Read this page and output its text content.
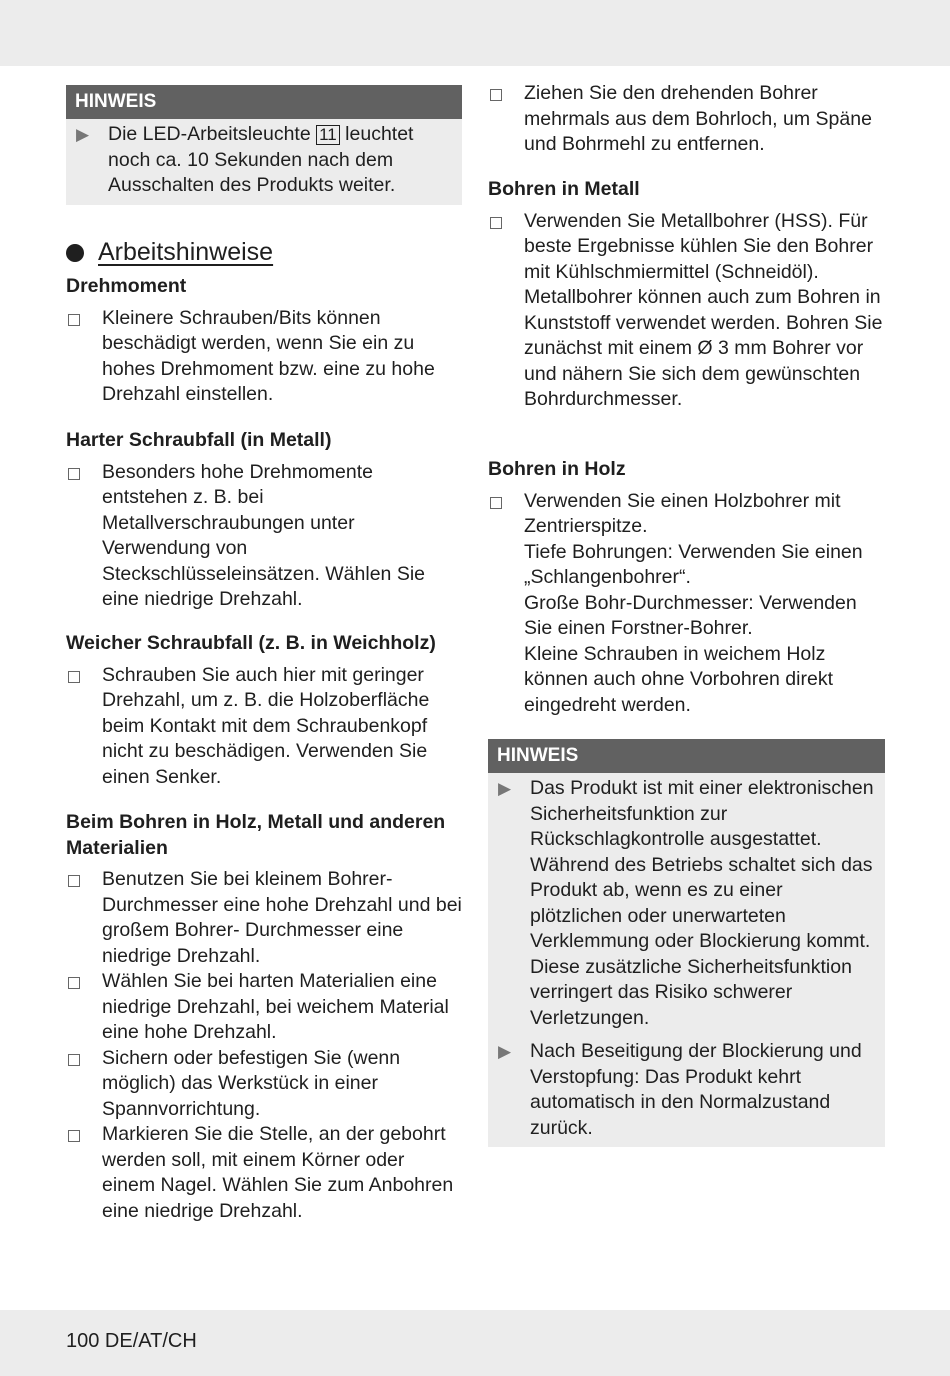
HINWEIS
▶ Die LED-Arbeitsleuchte 11 leuchtet noch ca. 10 Sekunden nach dem Ausschalten des Produkts weiter.
Arbeitshinweise
Drehmoment
Kleinere Schrauben/Bits können beschädigt werden, wenn Sie ein zu hohes Drehmoment bzw. eine zu hohe Drehzahl einstellen.
Harter Schraubfall (in Metall)
Besonders hohe Drehmomente entstehen z. B. bei Metallverschraubungen unter Verwendung von Steckschlüsseleinsätzen. Wählen Sie eine niedrige Drehzahl.
Weicher Schraubfall (z. B. in Weichholz)
Schrauben Sie auch hier mit geringer Drehzahl, um z. B. die Holzoberfläche beim Kontakt mit dem Schraubenkopf nicht zu beschädigen. Verwenden Sie einen Senker.
Beim Bohren in Holz, Metall und anderen Materialien
Benutzen Sie bei kleinem Bohrer- Durchmesser eine hohe Drehzahl und bei großem Bohrer- Durchmesser eine niedrige Drehzahl.
Wählen Sie bei harten Materialien eine niedrige Drehzahl, bei weichem Material eine hohe Drehzahl.
Sichern oder befestigen Sie (wenn möglich) das Werkstück in einer Spannvorrichtung.
Markieren Sie die Stelle, an der gebohrt werden soll, mit einem Körner oder einem Nagel. Wählen Sie zum Anbohren eine niedrige Drehzahl.
Ziehen Sie den drehenden Bohrer mehrmals aus dem Bohrloch, um Späne und Bohrmehl zu entfernen.
Bohren in Metall
Verwenden Sie Metallbohrer (HSS). Für beste Ergebnisse kühlen Sie den Bohrer mit Kühlschmiermittel (Schneidöl). Metallbohrer können auch zum Bohren in Kunststoff verwendet werden. Bohren Sie zunächst mit einem Ø 3 mm Bohrer vor und nähern Sie sich dem gewünschten Bohrdurchmesser.
Bohren in Holz
Verwenden Sie einen Holzbohrer mit Zentrierspitze.
Tiefe Bohrungen: Verwenden Sie einen „Schlangenbohrer“.
Große Bohr-Durchmesser: Verwenden Sie einen Forstner-Bohrer.
Kleine Schrauben in weichem Holz können auch ohne Vorbohren direkt eingedreht werden.
HINWEIS
▶ Das Produkt ist mit einer elektronischen Sicherheitsfunktion zur Rückschlagkontrolle ausgestattet. Während des Betriebs schaltet sich das Produkt ab, wenn es zu einer plötzlichen oder unerwarteten Verklemmung oder Blockierung kommt. Diese zusätzliche Sicherheitsfunktion verringert das Risiko schwerer Verletzungen.
▶ Nach Beseitigung der Blockierung und Verstopfung: Das Produkt kehrt automatisch in den Normalzustand zurück.
100 DE/AT/CH
